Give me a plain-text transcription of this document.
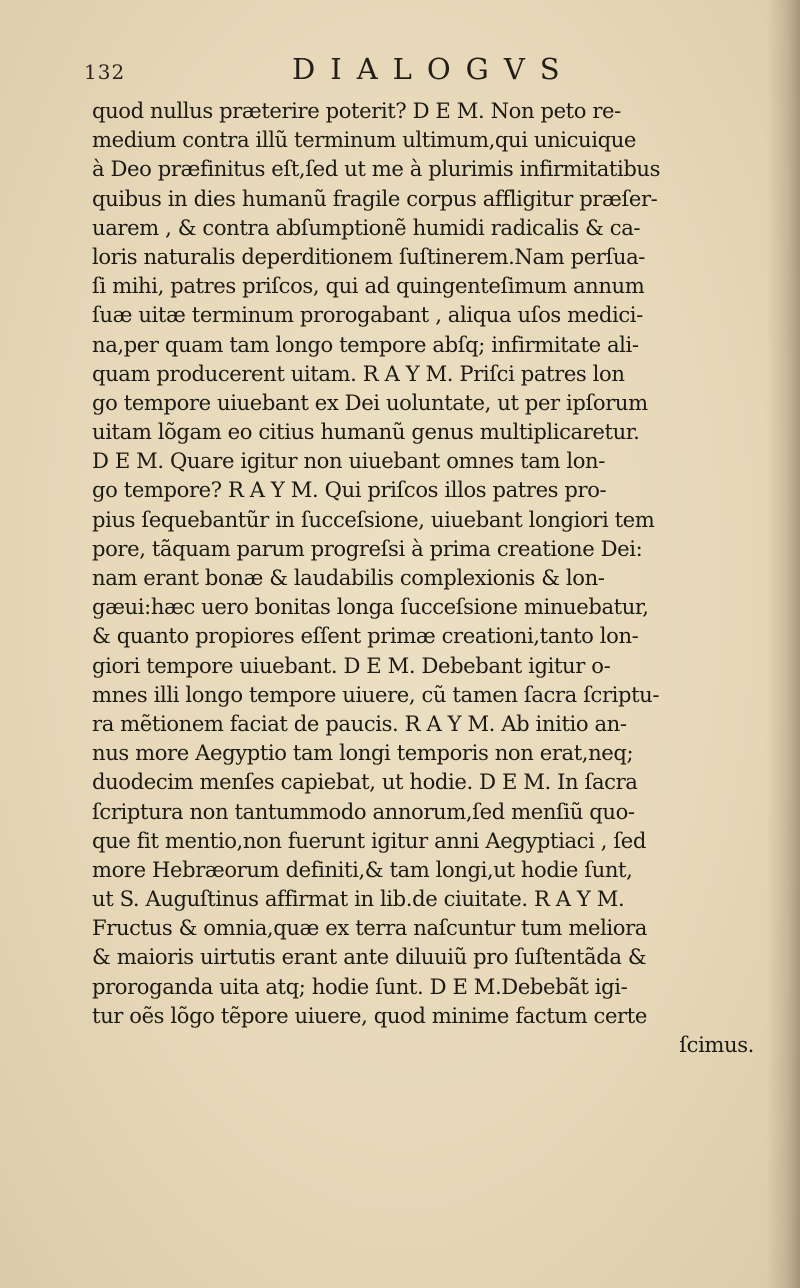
132	DIALOGVS
quod nullus præterire poterit? D E M. Non peto re-
medium contra illũ terminum ultimum,qui unicuique
à Deo præfinitus eſt,ſed ut me à plurimis infirmitatibus
quibus in dies humanũ fragile corpus affligitur præſer-
uarem , & contra abſumptionẽ humidi radicalis & ca-
loris naturalis deperditionem ſuſtinerem.Nam perſua-
ſi mihi, patres priſcos, qui ad quingenteſimum annum
ſuæ uitæ terminum prorogabant , aliqua uſos medici-
na,per quam tam longo tempore abſq; infirmitate ali-
quam producerent uitam. R A Y M. Priſci patres lon
go tempore uiuebant ex Dei uoluntate, ut per ipſorum
uitam lõgam eo citius humanũ genus multiplicaretur.
D E M. Quare igitur non uiuebant omnes tam lon-
go tempore? R A Y M. Qui priſcos illos patres pro-
pius ſequebantũr in ſucceſsione, uiuebant longiori tem
pore, tãquam parum progreſsi à prima creatione Dei:
nam erant bonæ & laudabilis complexionis & lon-
gæui:hæc uero bonitas longa ſucceſsione minuebatur,
& quanto propiores eſſent primæ creationi,tanto lon-
giori tempore uiuebant. D E M. Debebant igitur o-
mnes illi longo tempore uiuere, cũ tamen ſacra ſcriptu-
ra mẽtionem faciat de paucis. R A Y M. Ab initio an-
nus more Aegyptio tam longi temporis non erat,neq;
duodecim menſes capiebat, ut hodie. D E M. In ſacra
ſcriptura non tantummodo annorum,ſed menſiũ quo-
que fit mentio,non fuerunt igitur anni Aegyptiaci , ſed
more Hebræorum definiti,& tam longi,ut hodie ſunt,
ut S. Auguſtinus affirmat in lib.de ciuitate. R A Y M.
Fructus & omnia,quæ ex terra naſcuntur tum meliora
& maioris uirtutis erant ante diluuiũ pro ſuſtentãda &
proroganda uita atq; hodie ſunt. D E M.Debebãt igi-
tur oẽs lõgo tẽpore uiuere, quod minime factum certe
ſcimus.
